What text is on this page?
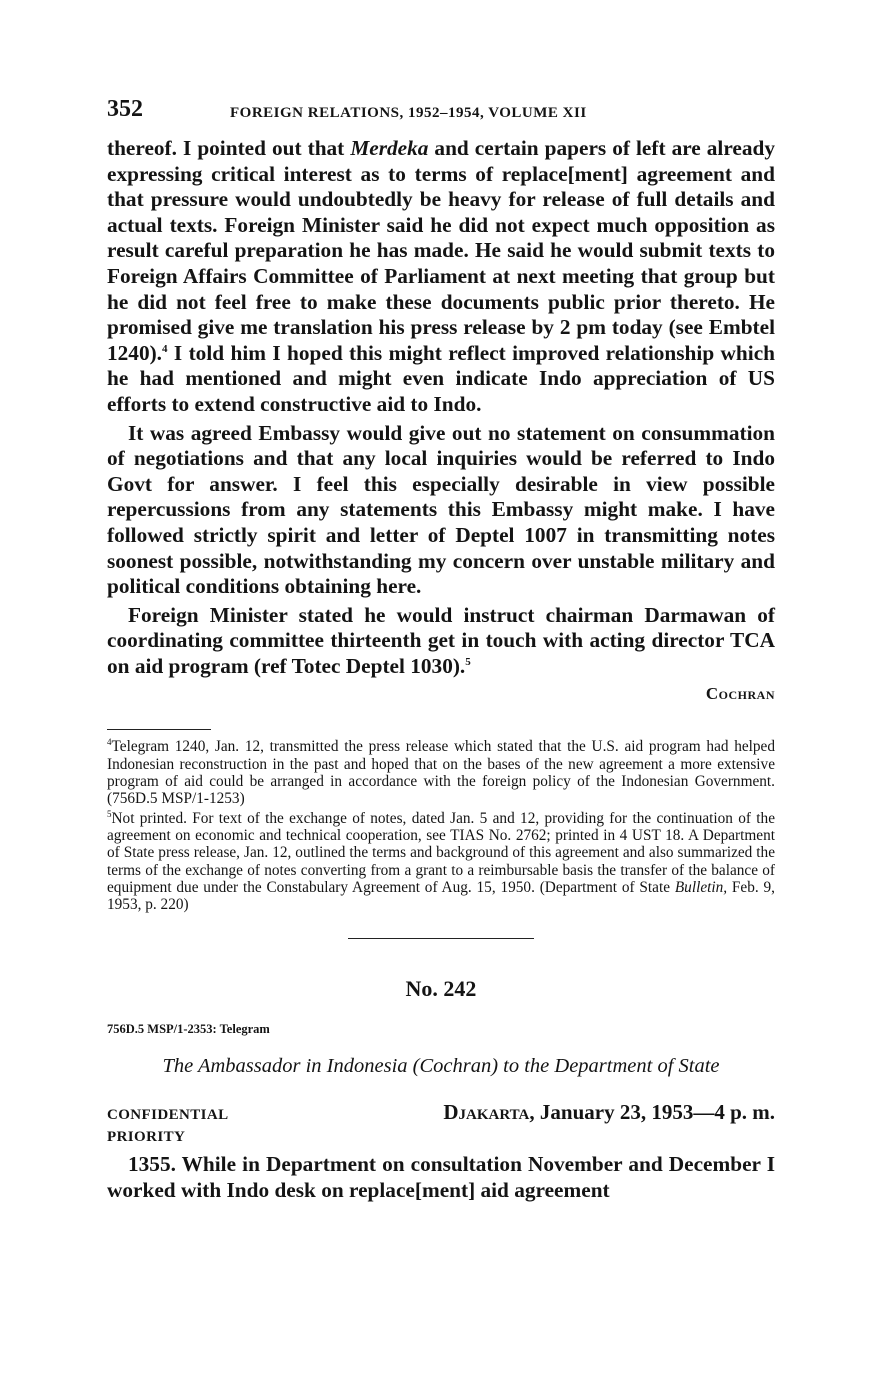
352	FOREIGN RELATIONS, 1952–1954, VOLUME XII

thereof. I pointed out that Merdeka and certain papers of left are already expressing critical interest as to terms of replace[ment] agreement and that pressure would undoubtedly be heavy for release of full details and actual texts. Foreign Minister said he did not expect much opposition as result careful preparation he has made. He said he would submit texts to Foreign Affairs Committee of Parliament at next meeting that group but he did not feel free to make these documents public prior thereto. He promised give me translation his press release by 2 pm today (see Embtel 1240).$^4$ I told him I hoped this might reflect improved relationship which he had mentioned and might even indicate Indo appreciation of US efforts to extend constructive aid to Indo.

It was agreed Embassy would give out no statement on consummation of negotiations and that any local inquiries would be referred to Indo Govt for answer. I feel this especially desirable in view possible repercussions from any statements this Embassy might make. I have followed strictly spirit and letter of Deptel 1007 in transmitting notes soonest possible, notwithstanding my concern over unstable military and political conditions obtaining here.

Foreign Minister stated he would instruct chairman Darmawan of coordinating committee thirteenth get in touch with acting director TCA on aid program (ref Totec Deptel 1030).$^5$

Cochran

$^4$Telegram 1240, Jan. 12, transmitted the press release which stated that the U.S. aid program had helped Indonesian reconstruction in the past and hoped that on the bases of the new agreement a more extensive program of aid could be arranged in accordance with the foreign policy of the Indonesian Government. (756D.5 MSP/1-1253)

$^5$Not printed. For text of the exchange of notes, dated Jan. 5 and 12, providing for the continuation of the agreement on economic and technical cooperation, see TIAS No. 2762; printed in 4 UST 18. A Department of State press release, Jan. 12, outlined the terms and background of this agreement and also summarized the terms of the exchange of notes converting from a grant to a reimbursable basis the transfer of the balance of equipment due under the Constabulary Agreement of Aug. 15, 1950. (Department of State Bulletin, Feb. 9, 1953, p. 220)

No. 242
756D.5 MSP/1-2353: Telegram
The Ambassador in Indonesia (Cochran) to the Department of State
CONFIDENTIAL
PRIORITY
Djakarta, January 23, 1953—4 p. m.

1355. While in Department on consultation November and December I worked with Indo desk on replace[ment] aid agreement
